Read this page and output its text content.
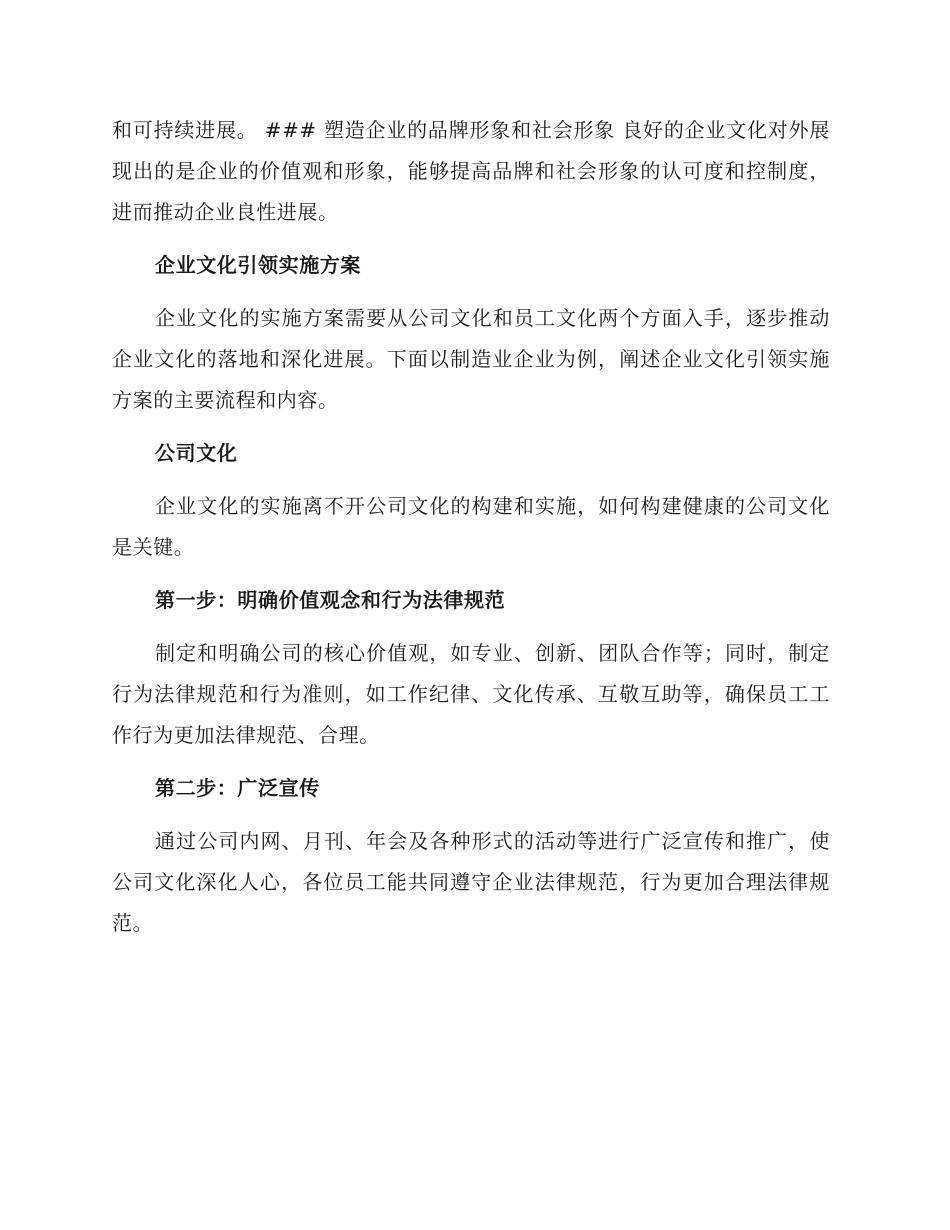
和可持续进展。 ### 塑造企业的品牌形象和社会形象 良好的企业文化对外展现出的是企业的价值观和形象，能够提高品牌和社会形象的认可度和控制度，进而推动企业良性进展。

企业文化引领实施方案

企业文化的实施方案需要从公司文化和员工文化两个方面入手，逐步推动企业文化的落地和深化进展。下面以制造业企业为例，阐述企业文化引领实施方案的主要流程和内容。

公司文化

企业文化的实施离不开公司文化的构建和实施，如何构建健康的公司文化是关键。

第一步：明确价值观念和行为法律规范

制定和明确公司的核心价值观，如专业、创新、团队合作等；同时，制定行为法律规范和行为准则，如工作纪律、文化传承、互敬互助等，确保员工工作行为更加法律规范、合理。

第二步：广泛宣传

通过公司内网、月刊、年会及各种形式的活动等进行广泛宣传和推广，使公司文化深化人心，各位员工能共同遵守企业法律规范，行为更加合理法律规范。
